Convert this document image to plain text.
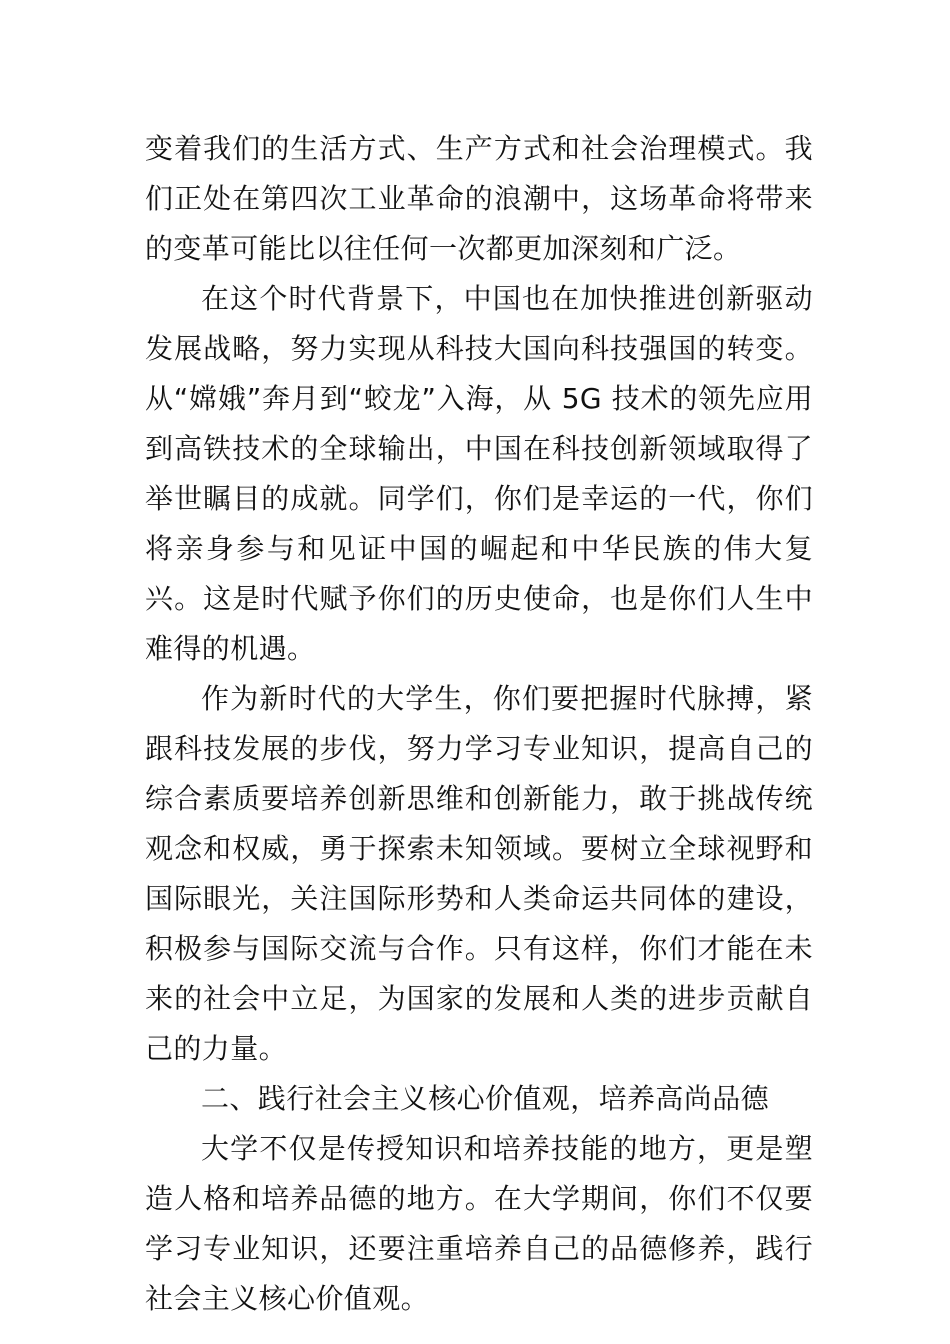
变着我们的生活方式、生产方式和社会治理模式。我们正处在第四次工业革命的浪潮中，这场革命将带来的变革可能比以往任何一次都更加深刻和广泛。

在这个时代背景下，中国也在加快推进创新驱动发展战略，努力实现从科技大国向科技强国的转变。从“嫦娥”奔月到“蛟龙”入海，从 5G 技术的领先应用到高铁技术的全球输出，中国在科技创新领域取得了举世瞩目的成就。同学们，你们是幸运的一代，你们将亲身参与和见证中国的崛起和中华民族的伟大复兴。这是时代赋予你们的历史使命，也是你们人生中难得的机遇。

作为新时代的大学生，你们要把握时代脉搏，紧跟科技发展的步伐，努力学习专业知识，提高自己的综合素质要培养创新思维和创新能力，敢于挑战传统观念和权威，勇于探索未知领域。要树立全球视野和国际眼光，关注国际形势和人类命运共同体的建设，积极参与国际交流与合作。只有这样，你们才能在未来的社会中立足，为国家的发展和人类的进步贡献自己的力量。

二、践行社会主义核心价值观，培养高尚品德

大学不仅是传授知识和培养技能的地方，更是塑造人格和培养品德的地方。在大学期间，你们不仅要学习专业知识，还要注重培养自己的品德修养，践行社会主义核心价值观。
